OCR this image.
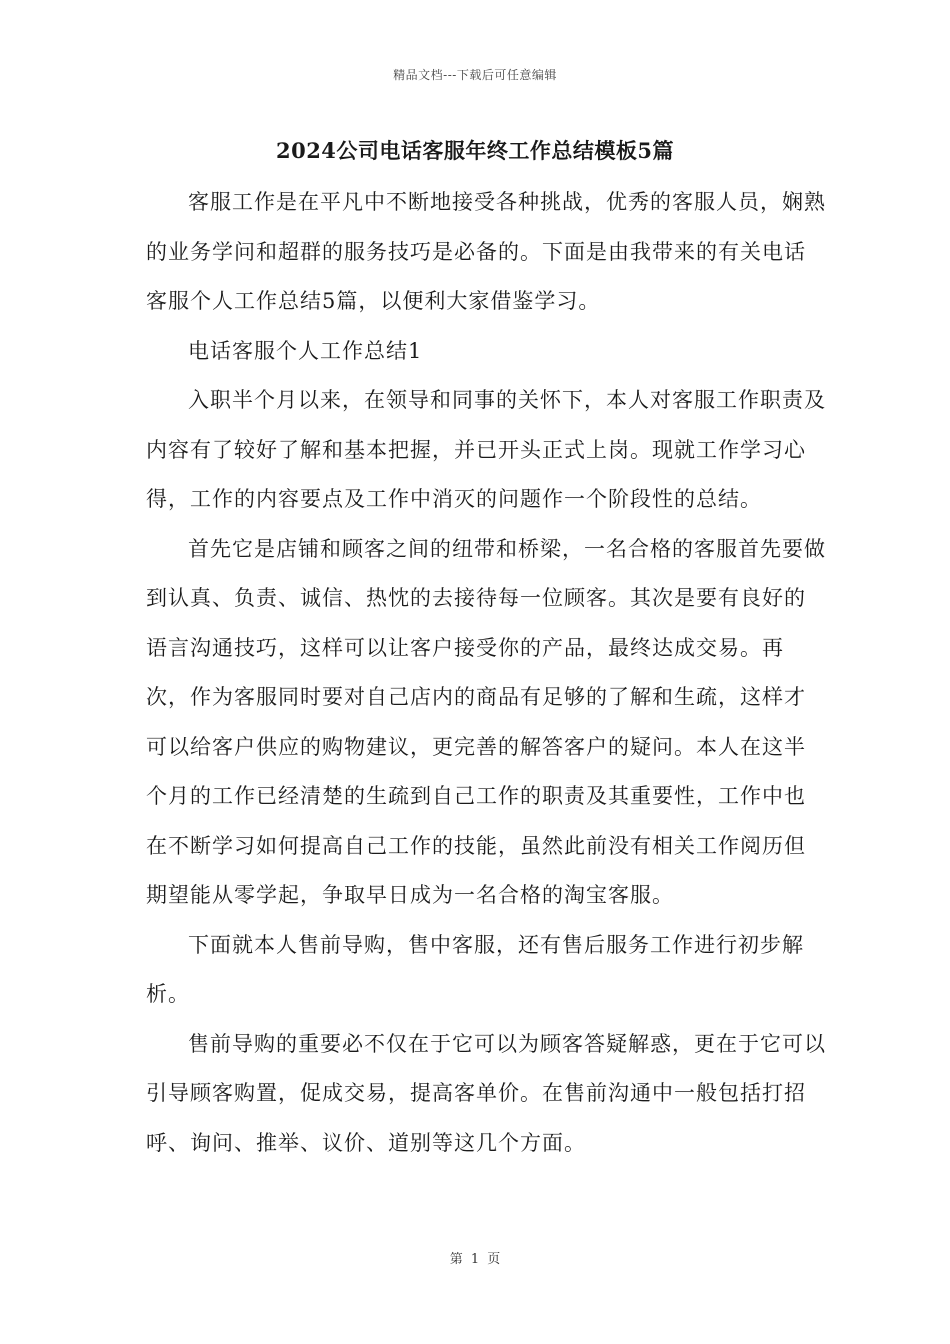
精品文档---下载后可任意编辑
2024公司电话客服年终工作总结模板5篇

客服工作是在平凡中不断地接受各种挑战，优秀的客服人员，娴熟的业务学问和超群的服务技巧是必备的。下面是由我带来的有关电话客服个人工作总结5篇，以便利大家借鉴学习。

电话客服个人工作总结1

入职半个月以来，在领导和同事的关怀下，本人对客服工作职责及内容有了较好了解和基本把握，并已开头正式上岗。现就工作学习心得，工作的内容要点及工作中消灭的问题作一个阶段性的总结。

首先它是店铺和顾客之间的纽带和桥梁，一名合格的客服首先要做到认真、负责、诚信、热忱的去接待每一位顾客。其次是要有良好的语言沟通技巧，这样可以让客户接受你的产品，最终达成交易。再次，作为客服同时要对自己店内的商品有足够的了解和生疏，这样才可以给客户供应的购物建议，更完善的解答客户的疑问。本人在这半个月的工作已经清楚的生疏到自己工作的职责及其重要性，工作中也在不断学习如何提高自己工作的技能，虽然此前没有相关工作阅历但期望能从零学起，争取早日成为一名合格的淘宝客服。

下面就本人售前导购，售中客服，还有售后服务工作进行初步解析。

售前导购的重要必不仅在于它可以为顾客答疑解惑，更在于它可以引导顾客购置，促成交易，提高客单价。在售前沟通中一般包括打招呼、询问、推举、议价、道别等这几个方面。

第 1 页
